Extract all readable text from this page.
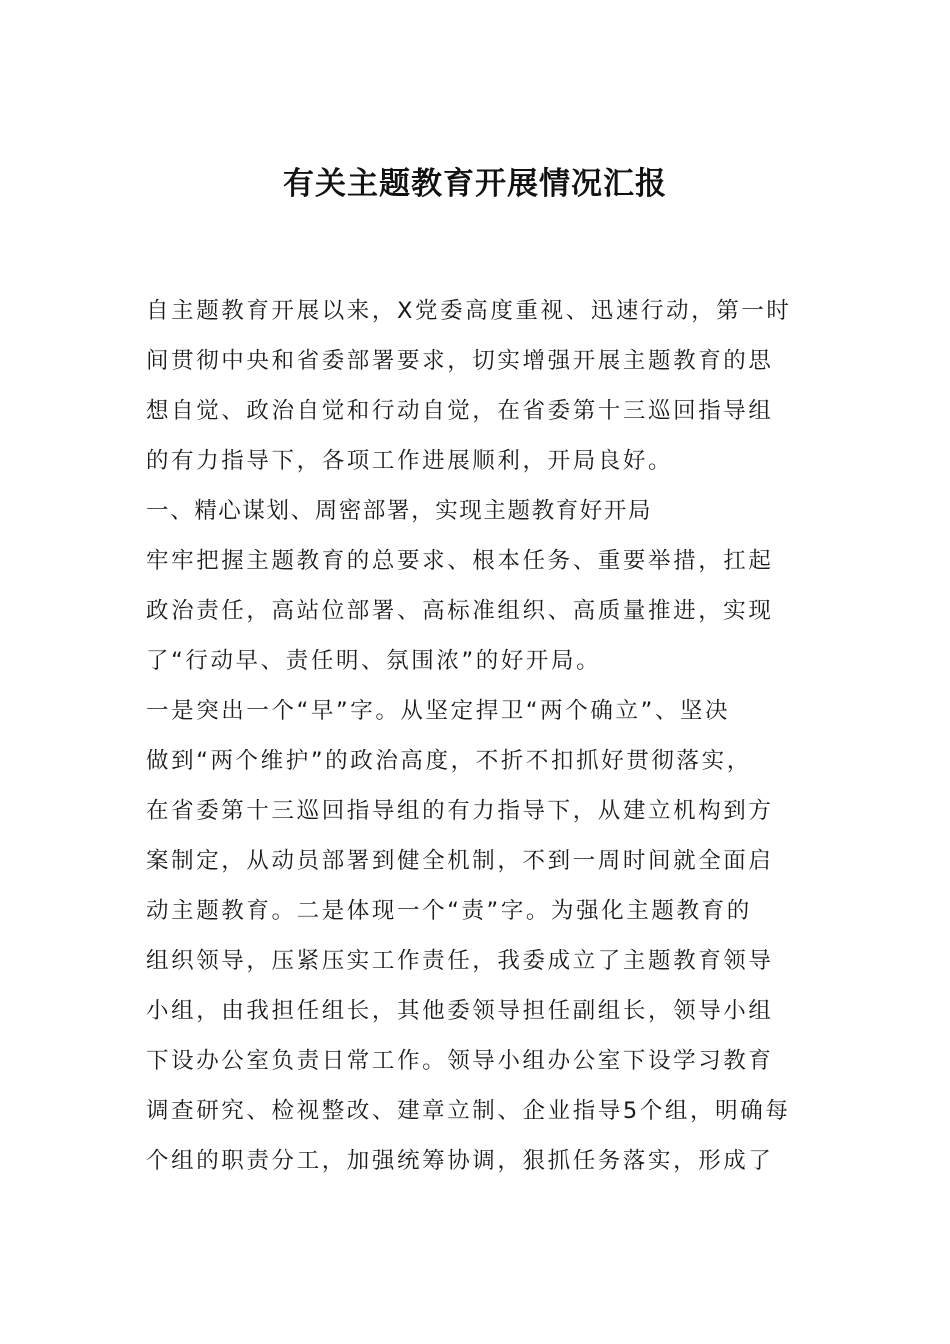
有关主题教育开展情况汇报

自主题教育开展以来，X党委高度重视、迅速行动，第一时

间贯彻中央和省委部署要求，切实增强开展主题教育的思

想自觉、政治自觉和行动自觉，在省委第十三巡回指导组

的有力指导下，各项工作进展顺利，开局良好。

一、精心谋划、周密部署，实现主题教育好开局

牢牢把握主题教育的总要求、根本任务、重要举措，扛起

政治责任，高站位部署、高标准组织、高质量推进，实现

了“行动早、责任明、氛围浓”的好开局。

一是突出一个“早”字。从坚定捍卫“两个确立”、坚决

做到“两个维护”的政治高度，不折不扣抓好贯彻落实，

在省委第十三巡回指导组的有力指导下，从建立机构到方

案制定，从动员部署到健全机制，不到一周时间就全面启

动主题教育。二是体现一个“责”字。为强化主题教育的

组织领导，压紧压实工作责任，我委成立了主题教育领导

小组，由我担任组长，其他委领导担任副组长，领导小组

下设办公室负责日常工作。领导小组办公室下设学习教育

调查研究、检视整改、建章立制、企业指导5个组，明确每

个组的职责分工，加强统筹协调，狠抓任务落实，形成了
